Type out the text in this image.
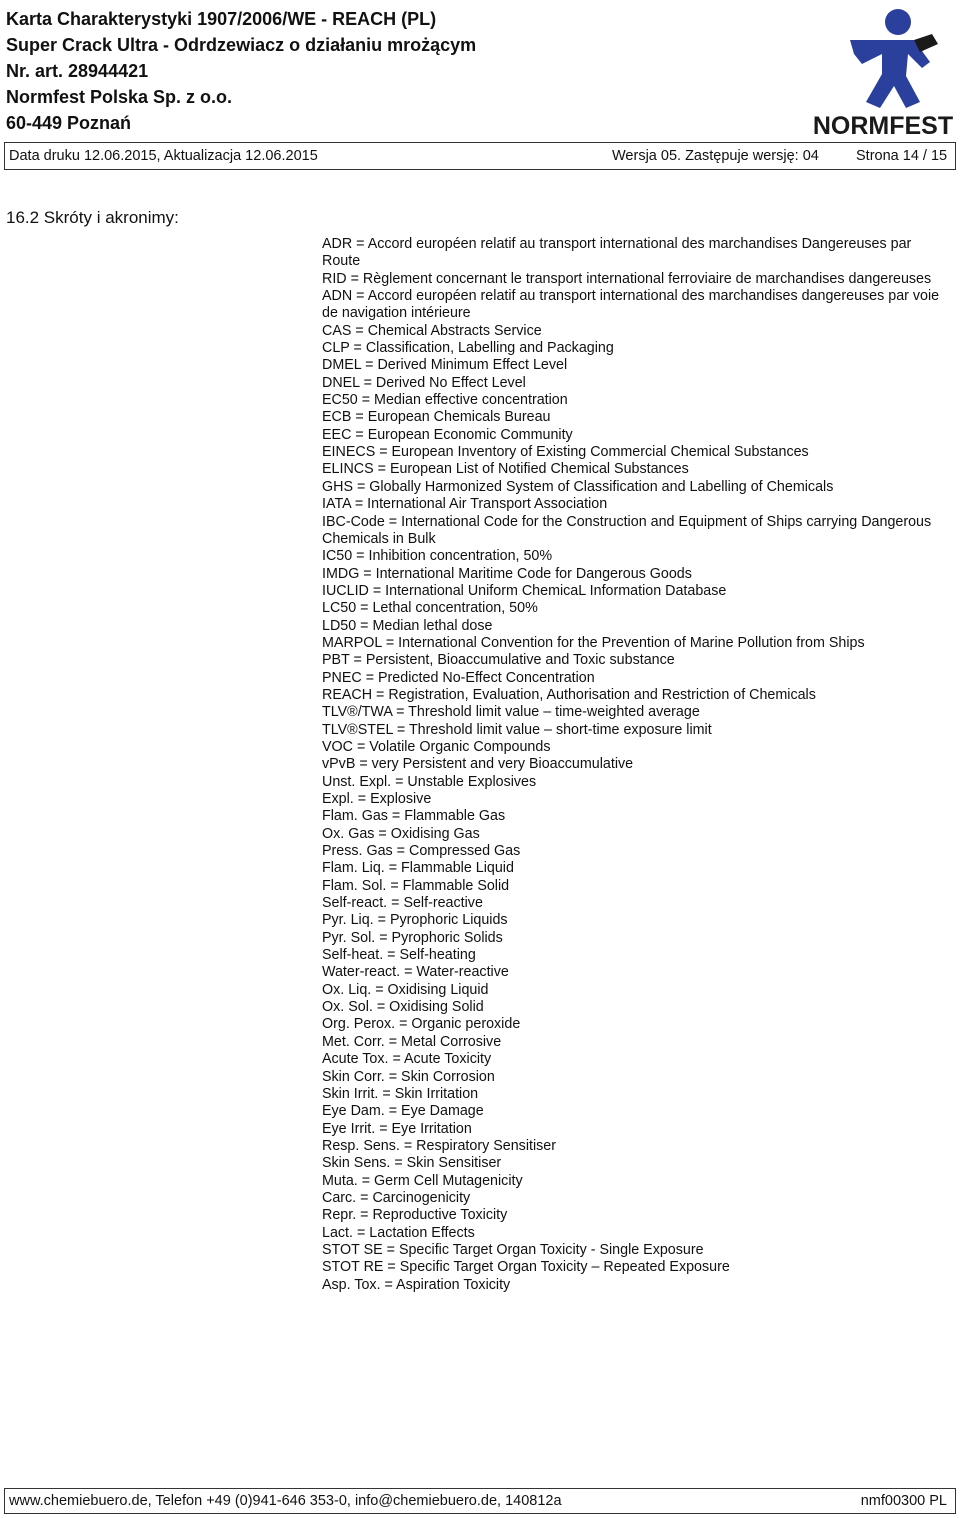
Karta Charakterystyki 1907/2006/WE - REACH (PL)
Super Crack Ultra - Odrdzewiacz o działaniu mrożącym
Nr. art. 28944421
Normfest Polska Sp. z o.o.
60-449 Poznań	NORMFEST
Data druku 12.06.2015, Aktualizacja 12.06.2015	Wersja 05. Zastępuje wersję: 04	Strona 14 / 15
16.2 Skróty i akronimy:
ADR = Accord européen relatif au transport international des marchandises Dangereuses par Route
RID = Règlement concernant le transport international ferroviaire de marchandises dangereuses
ADN = Accord européen relatif au transport international des marchandises dangereuses par voie de navigation intérieure
CAS = Chemical Abstracts Service
CLP = Classification, Labelling and Packaging
DMEL = Derived Minimum Effect Level
DNEL = Derived No Effect Level
EC50 = Median effective concentration
ECB = European Chemicals Bureau
EEC = European Economic Community
EINECS = European Inventory of Existing Commercial Chemical Substances
ELINCS = European List of Notified Chemical Substances
GHS = Globally Harmonized System of Classification and Labelling of Chemicals
IATA = International Air Transport Association
IBC-Code = International Code for the Construction and Equipment of Ships carrying Dangerous Chemicals in Bulk
IC50 = Inhibition concentration, 50%
IMDG = International Maritime Code for Dangerous Goods
IUCLID = International Uniform ChemicaL Information Database
LC50 = Lethal concentration, 50%
LD50 = Median lethal dose
MARPOL = International Convention for the Prevention of Marine Pollution from Ships
PBT = Persistent, Bioaccumulative and Toxic substance
PNEC = Predicted No-Effect Concentration
REACH = Registration, Evaluation, Authorisation and Restriction of Chemicals
TLV®/TWA = Threshold limit value – time-weighted average
TLV®STEL = Threshold limit value – short-time exposure limit
VOC = Volatile Organic Compounds
vPvB = very Persistent and very Bioaccumulative
Unst. Expl. = Unstable Explosives
Expl. = Explosive
Flam. Gas = Flammable Gas
Ox. Gas = Oxidising Gas
Press. Gas = Compressed Gas
Flam. Liq. = Flammable Liquid
Flam. Sol. = Flammable Solid
Self-react. = Self-reactive
Pyr. Liq. = Pyrophoric Liquids
Pyr. Sol. = Pyrophoric Solids
Self-heat. = Self-heating
Water-react. = Water-reactive
Ox. Liq. = Oxidising Liquid
Ox. Sol. = Oxidising Solid
Org. Perox. = Organic peroxide
Met. Corr. = Metal Corrosive
Acute Tox. = Acute Toxicity
Skin Corr. = Skin Corrosion
Skin Irrit. = Skin Irritation
Eye Dam. = Eye Damage
Eye Irrit. = Eye Irritation
Resp. Sens. = Respiratory Sensitiser
Skin Sens. = Skin Sensitiser
Muta. = Germ Cell Mutagenicity
Carc. = Carcinogenicity
Repr. = Reproductive Toxicity
Lact. = Lactation Effects
STOT SE = Specific Target Organ Toxicity - Single Exposure
STOT RE = Specific Target Organ Toxicity – Repeated Exposure
Asp. Tox. = Aspiration Toxicity
www.chemiebuero.de, Telefon +49 (0)941-646 353-0, info@chemiebuero.de, 140812a	nmf00300 PL
